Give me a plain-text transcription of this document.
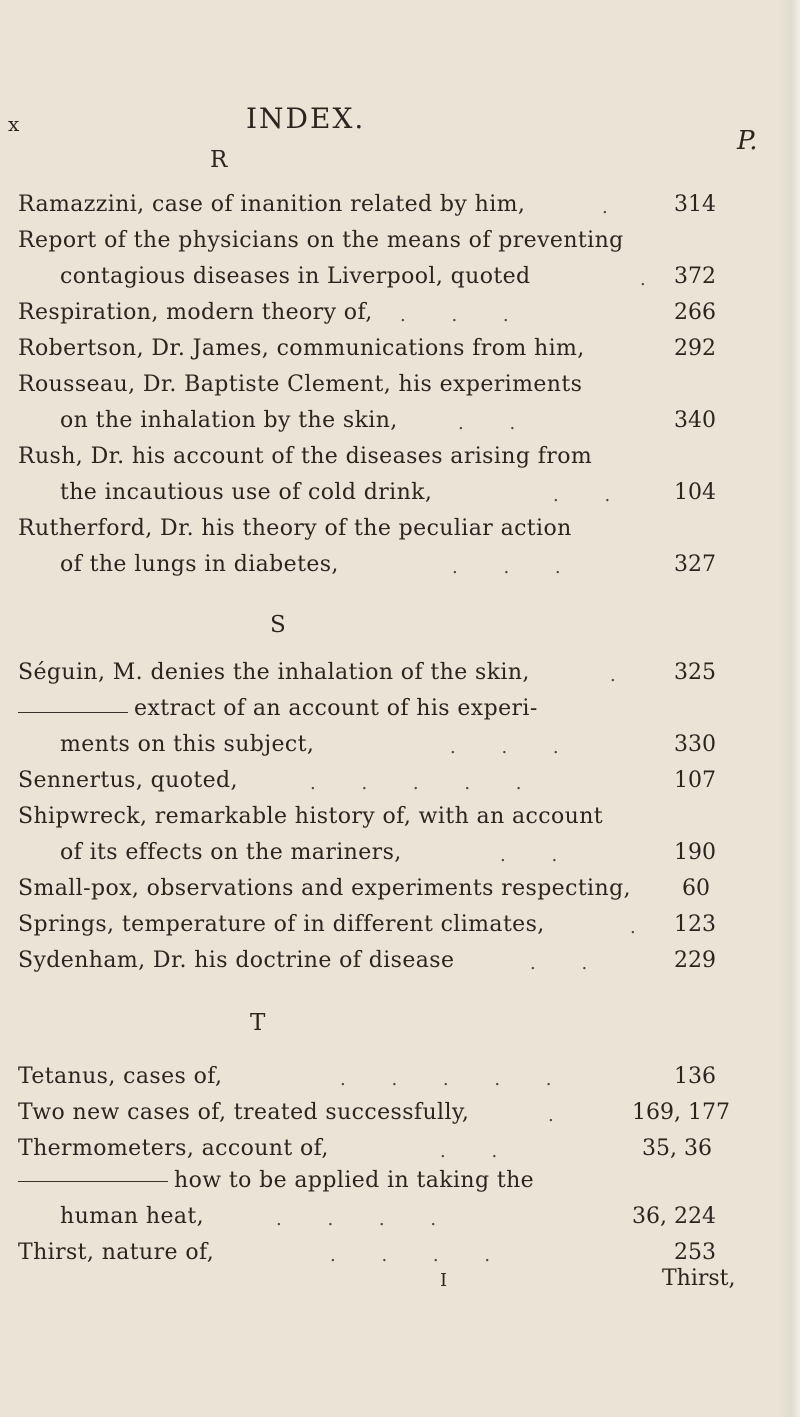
x	INDEX.
P.
R
Ramazzini, case of inanition related by him,	. 314
Report of the physicians on the means of preventing
contagious diseases in Liverpool, quoted	. 372
Respiration, modern theory of, . . .	266
Robertson, Dr. James, communications from him,	292
Rousseau, Dr. Baptiste Clement, his experiments
on the inhalation by the skin,	. .	340
Rush, Dr. his account of the diseases arising from
the incautious use of cold drink,	. . 104
Rutherford, Dr. his theory of the peculiar action
of the lungs in diabetes,	. . .	327
S
Séguin, M. denies the inhalation of the skin,	. 325
extract of an account of his experi-
ments on this subject,	. . .	330
Sennertus, quoted,	. . . . .	107
Shipwreck, remarkable history of, with an account
of its effects on the mariners,	. .	190
Small-pox, observations and experiments respecting, 60
Springs, temperature of in different climates,	. 123
Sydenham, Dr. his doctrine of disease	. .	229
T
Tetanus, cases of,	. . . . .	136
Two new cases of, treated successfully,	.	169, 177
Thermometers, account of,	. .	35, 36
how to be applied in taking the
human heat,	. . . .	36, 224
Thirst, nature of,	. . . .	253
I	Thirst,
